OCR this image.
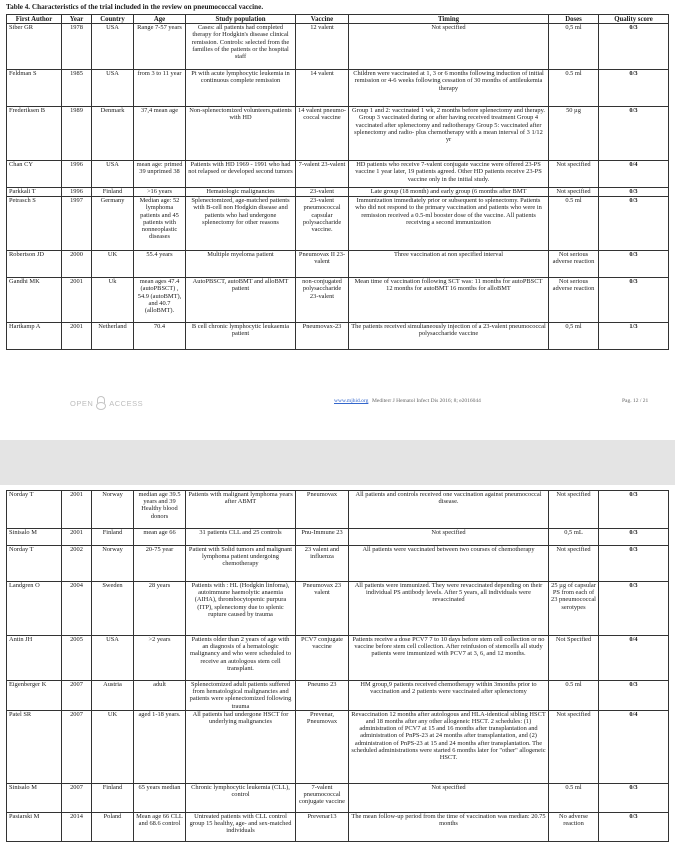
Table 4. Characteristics of the trial included in the review on pneumococcal vaccine.
First Author	Year	Country	Age	Study population	Vaccine	Timing	Doses	Quality score
Siber GR	1978	USA	Range 7-57 years	Cases: all patients had completed therapy for Hodgkin's disease clinical remission. Controls: selected from the families of the patients or the hospital staff	12 valent	Not specified	0,5 ml	0/3
Feldman S	1985	USA	from 3 to 11 year	Pt with acute lymphocytic leukemia in continuous complete remission	14 valent	Children were vaccinated at 1, 3 or 6 months following induction of initial remission or 4-6 weeks following cessation of 30 months of antileukemia therapy	0.5 ml	0/3
Frederiksen B	1989	Denmark	37,4 mean age	Non-splenectomized volunteers,patients with HD	14 valent pneumo- coccal vaccine	Group 1 and 2: vaccinated 1 wk, 2 months before splenectomy and therapy. Group 3 vaccinated during or after having received treatment Group 4 vaccinated after splenectomy and radiotherapy Group 5: vaccinated after splenectomy and radio- plus chemotherapy with a mean interval of 3 1/12 yr	50 µg	0/3
Chan CY	1996	USA	mean age: primed 39 unprimed 38	Patients with HD 1969 - 1991 who had not relapsed or developed second tumors	7-valent 23-valent	HD patients who receive 7-valent conjugate vaccine were offered 23-PS vaccine 1 year later, 19 patients agreed. Other HD patients receive 23-PS vaccine only in the initial study.	Not specified	0/4
Parkkali T	1996	Finland	>16 years	Hematologic malignancies	23-valent	Late group (18 month) and early group (6 months after BMT	Not specified	0/3
Petrasch S	1997	Germany	Median age: 52 lymphoma patients and 45 patients with nonneoplastic diseases	Splenectomized, age-matched patients with B-cell non Hodgkin disease and patients who had undergone splenectomy for other reasons	23-valent pneumococcal capsular polysaccharide vaccine.	Immunization immediately prior or subsequent to splenectomy. Patients who did not respond to the primary vaccination and patients who were in remission received a 0.5-ml booster dose of the vaccine. All patients receiving a second immunization	0.5 ml	0/3
Robertson JD	2000	UK	55.4 years	Multiple myeloma patient	Pneumovax II 23-valent	Three vaccination at non specified interval	Not serious adverse reaction	0/3
Gandhi MK	2001	Uk	mean ages 47.4 (autoPBSCT) , 54.9 (autoBMT), and 40.7 (alloBMT).	AutoPBSCT, autoBMT and alloBMT patient	non-conjugated polysaccharide 23-valent	Mean time of vaccination following SCT was: 11 months for autoPBSCT 12 months for autoBMT 16 months for alloBMT	Not serious adverse reaction	0/3
Hartkamp A	2001	Netherland	70.4	B cell chronic lymphocytic leukaemia patient	Pneumovax-23	The patients received simultaneously injection of a 23-valent pneumococcal polysaccharide vaccine	0,5 ml	1/3
OPEN ACCESS	www.mjhid.org Mediterr J Hematol Infect Dis 2016; 8; e2016044	Pag. 12 / 21
Norday T	2001	Norway	median age 39.5 years and 39 Healthy blood donors	Patients with malignant lymphoma years after ABMT	Pneumovax	All patients and controls received one vaccination against pneumococcal disease.	Not specified	0/3
Sinisalo M	2001	Finland	mean age 66	31 patients CLL and 25 controls	Pnu-Immune 23	Not specified	0,5 mL	0/3
Norday T	2002	Norway	20-75 year	Patient with Solid tumors and malignant lymphoma patient undergoing chemotherapy	23 valent and influenza	All patients were vaccinated between two courses of chemotherapy	Not specified	0/3
Landgren O	2004	Sweden	28 years	Patients with : HL (Hodgkin linfoma), autoimmune haemolytic anaemia (AIHA), thrombocytopenic purpura (ITP), splenectomy due to splenic rupture caused by trauma	Pneumovax 23 valent	All patients were immunized. They were revaccinated depending on their individual PS antibody levels. After 5 years, all individuals were revaccinated	25 µg of capsular PS from each of 23 pneumococcal serotypes	0/3
Antin JH	2005	USA	>2 years	Patients older than 2 years of age with an diagnosis of a hematologic malignancy and who were scheduled to receive an autologous stem cell transplant.	PCV7 conjugate vaccine	Patients receive a dose PCV7 7 to 10 days before stem cell collection or no vaccine before stem cell collection. After reinfusion of stemcells all study patients were immunized with PCV7 at 3, 6, and 12 months.	Not Specified	0/4
Eigenberger K	2007	Austria	adult	Splenectomized adult patients suffered from hematological malignancies and patients were splenectomized following trauma	Pneumo 23	HM group,9 patients received chemotherapy within 3months prior to vaccination and 2 patients were vaccinated after splenectomy	0.5 ml	0/3
Patel SR	2007	UK	aged 1-18 years.	All patients had undergone HSCT for underlying malignancies	Prevenar, Pneumovax	Revaccination 12 months after autologous and HLA-identical sibling HSCT and 18 months after any other allogeneic HSCT. 2 schedules: (1) administration of PCV7 at 15 and 16 months after transplantation and administration of PnPS-23 at 24 months after transplantation, and (2) administration of PnPS-23 at 15 and 24 months after transplantation. The scheduled administrations were started 6 months later for "other" allogeneic HSCT.	Not specified	0/4
Sinisalo M	2007	Finland	65 years median	Chronic lymphocytic leukemia (CLL), control	7-valent pneumococcal conjugate vaccine	Not specified	0.5 ml	0/3
Pasiarski M	2014	Poland	Mean age 66 CLL and 68.6 control	Untreated patients with CLL control group 15 healthy, age- and sex-matched individuals	Prevenar13	The mean follow-up period from the time of vaccination was median: 20.75 months	No adverse reaction	0/3
